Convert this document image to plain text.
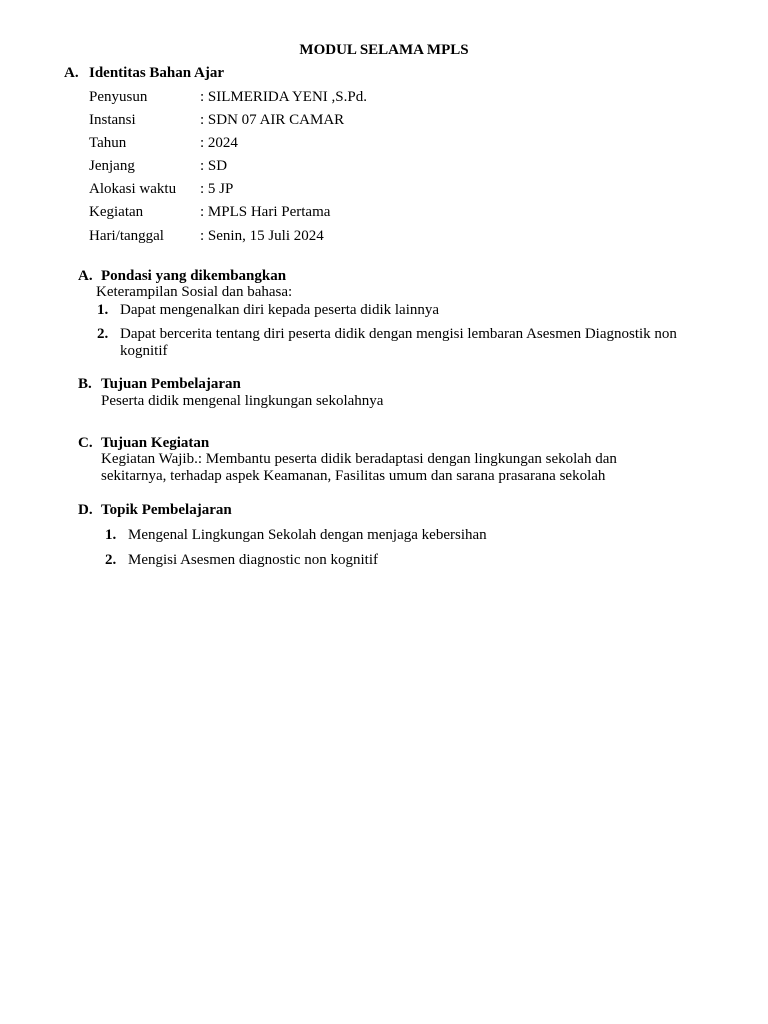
MODUL SELAMA MPLS
A. Identitas Bahan Ajar
Penyusun	: SILMERIDA YENI ,S.Pd.
Instansi	: SDN 07 AIR CAMAR
Tahun	: 2024
Jenjang	: SD
Alokasi waktu : 5 JP
Kegiatan	: MPLS Hari Pertama
Hari/tanggal : Senin, 15 Juli 2024
A. Pondasi yang dikembangkan
Keterampilan Sosial dan bahasa:
1. Dapat mengenalkan diri kepada peserta didik lainnya
2. Dapat bercerita tentang diri peserta didik dengan mengisi lembaran Asesmen Diagnostik non
kognitif
B. Tujuan Pembelajaran
Peserta didik mengenal lingkungan sekolahnya
C. Tujuan Kegiatan
Kegiatan Wajib.: Membantu peserta didik beradaptasi dengan lingkungan sekolah dan
sekitarnya, terhadap aspek Keamanan, Fasilitas umum dan sarana prasarana sekolah
D. Topik Pembelajaran
1. Mengenal Lingkungan Sekolah dengan menjaga kebersihan
2. Mengisi Asesmen diagnostic non kognitif
